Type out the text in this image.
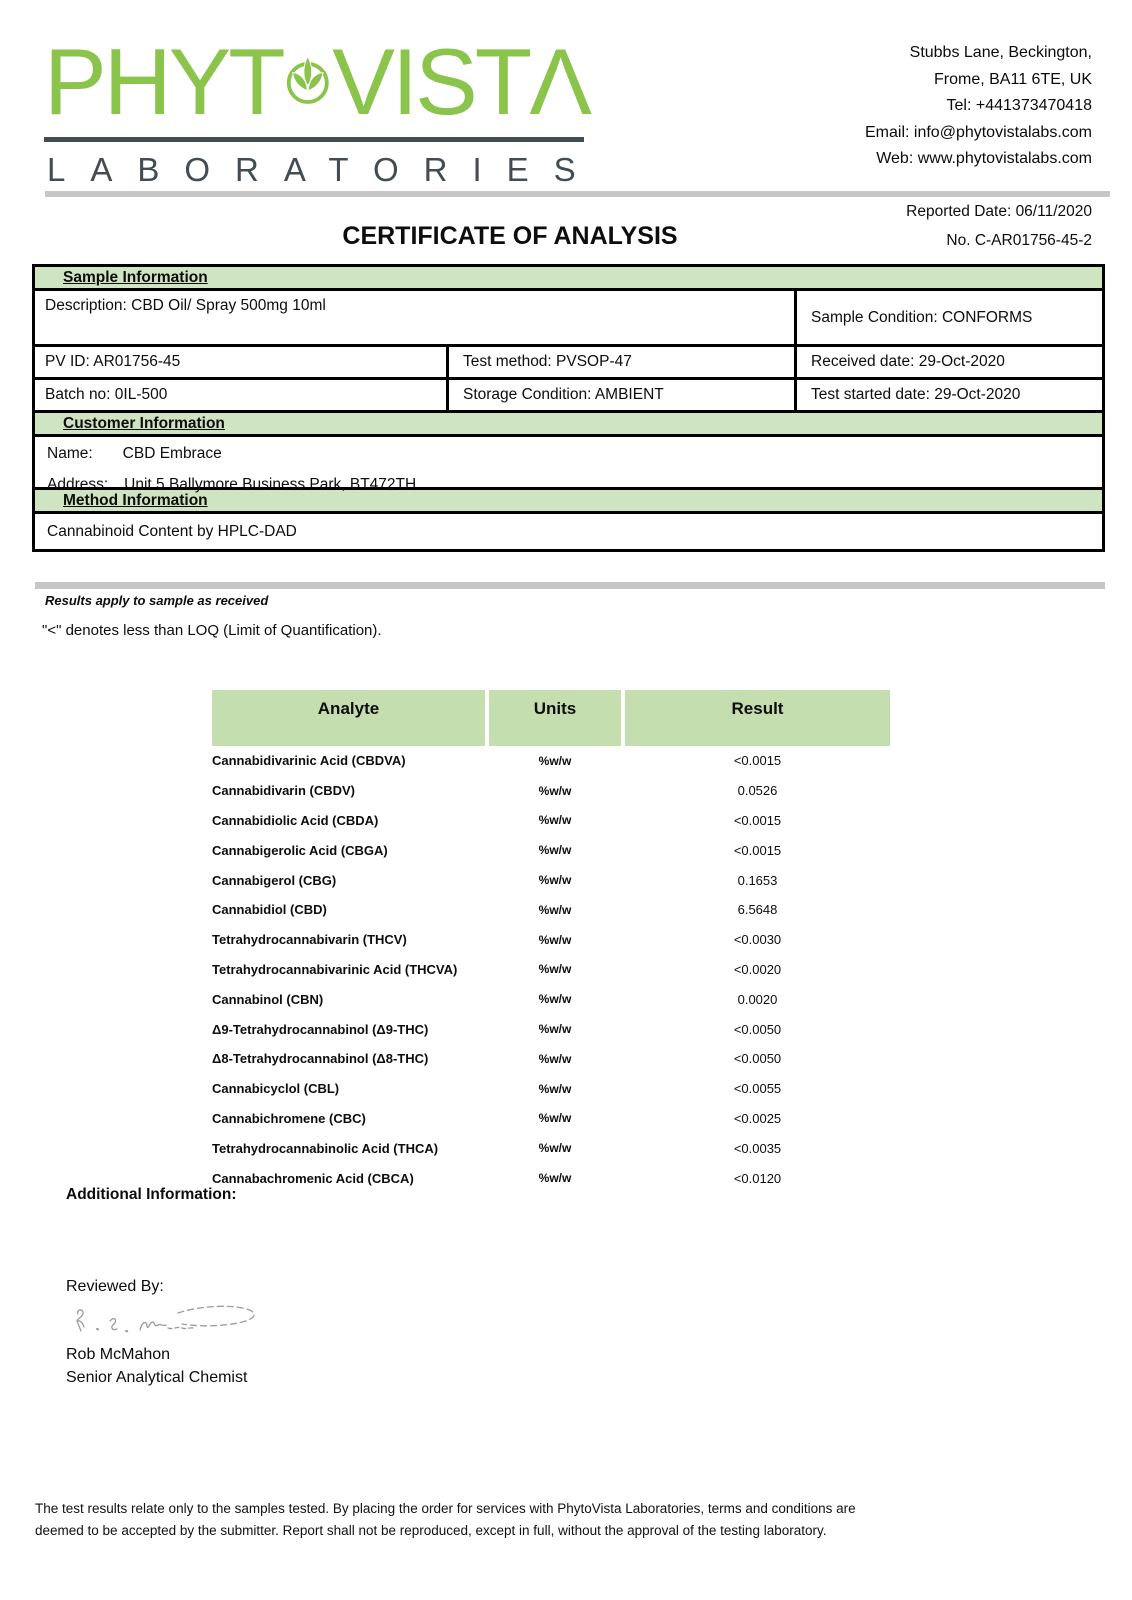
PHYT VISTΛ
LABORATORIES
Stubbs Lane, Beckington,
Frome, BA11 6TE, UK
Tel: +441373470418
Email: info@phytovistalabs.com
Web: www.phytovistalabs.com
Reported Date: 06/11/2020
CERTIFICATE OF ANALYSIS	No. C-AR01756-45-2
Sample Information
Description: CBD Oil/ Spray 500mg 10ml
Sample Condition: CONFORMS
PV ID: AR01756-45	Test method: PVSOP-47	Received date: 29-Oct-2020
Batch no: 0IL-500	Storage Condition: AMBIENT	Test started date: 29-Oct-2020
Customer Information
Name: CBD Embrace
Address: Unit 5 Ballymore Business Park, BT472TH
Method Information
Cannabinoid Content by HPLC-DAD
Results apply to sample as received
"<" denotes less than LOQ (Limit of Quantification).
Analyte	Units	Result
Cannabidivarinic Acid (CBDVA)	%w/w	<0.0015
Cannabidivarin (CBDV)	%w/w	0.0526
Cannabidiolic Acid (CBDA)	%w/w	<0.0015
Cannabigerolic Acid (CBGA)	%w/w	<0.0015
Cannabigerol (CBG)	%w/w	0.1653
Cannabidiol (CBD)	%w/w	6.5648
Tetrahydrocannabivarin (THCV)	%w/w	<0.0030
Tetrahydrocannabivarinic Acid (THCVA)	%w/w	<0.0020
Cannabinol (CBN)	%w/w	0.0020
Δ9-Tetrahydrocannabinol (Δ9-THC)	%w/w	<0.0050
Δ8-Tetrahydrocannabinol (Δ8-THC)	%w/w	<0.0050
Cannabicyclol (CBL)	%w/w	<0.0055
Cannabichromene (CBC)	%w/w	<0.0025
Tetrahydrocannabinolic Acid (THCA)	%w/w	<0.0035
Cannabachromenic Acid (CBCA)	%w/w	<0.0120
Additional Information:
Reviewed By:
Rob McMahon
Senior Analytical Chemist
The test results relate only to the samples tested. By placing the order for services with PhytoVista Laboratories, terms and conditions are
deemed to be accepted by the submitter. Report shall not be reproduced, except in full, without the approval of the testing laboratory.
